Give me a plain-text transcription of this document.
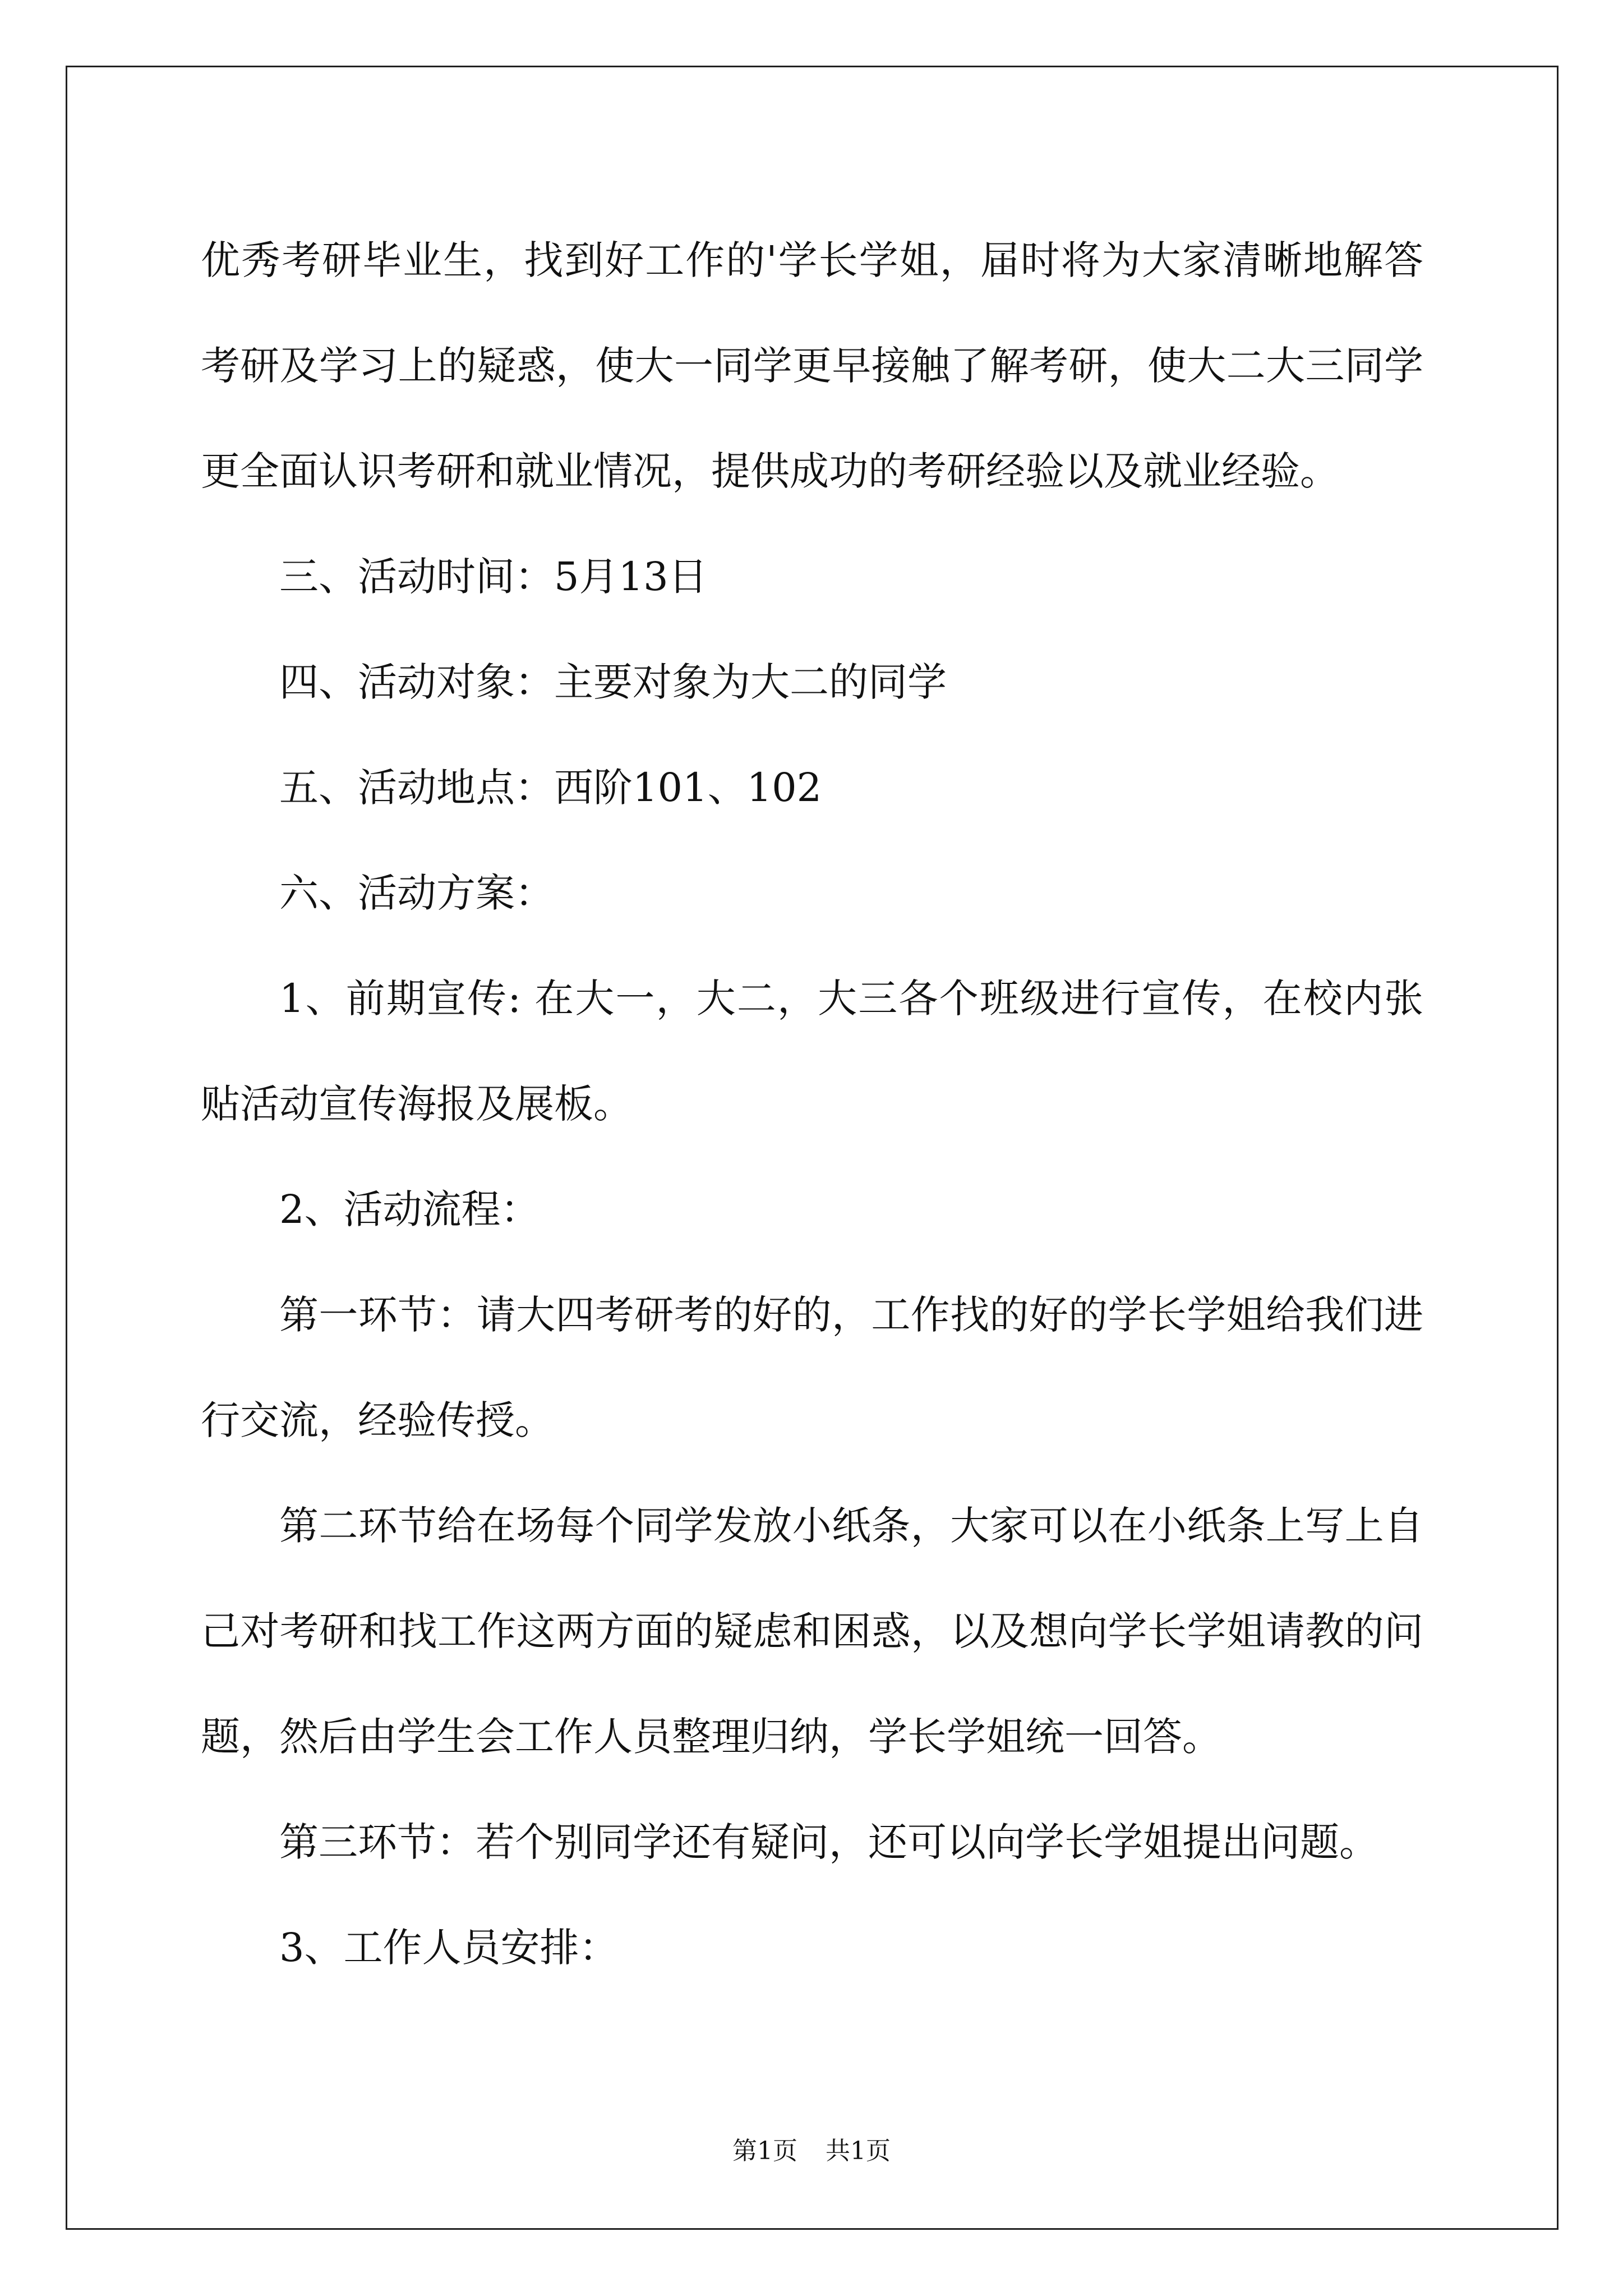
优秀考研毕业生，找到好工作的'学长学姐，届时将为大家清晰地解答考研及学习上的疑惑，使大一同学更早接触了解考研，使大二大三同学更全面认识考研和就业情况，提供成功的考研经验以及就业经验。

三、活动时间：5月13日

四、活动对象：主要对象为大二的同学

五、活动地点：西阶101、102

六、活动方案：

1、前期宣传: 在大一，大二，大三各个班级进行宣传，在校内张贴活动宣传海报及展板。

2、活动流程：

第一环节：请大四考研考的好的，工作找的好的学长学姐给我们进行交流，经验传授。

第二环节给在场每个同学发放小纸条，大家可以在小纸条上写上自己对考研和找工作这两方面的疑虑和困惑，以及想向学长学姐请教的问题，然后由学生会工作人员整理归纳，学长学姐统一回答。

第三环节：若个别同学还有疑问，还可以向学长学姐提出问题。

3、工作人员安排：

第1页 共1页
